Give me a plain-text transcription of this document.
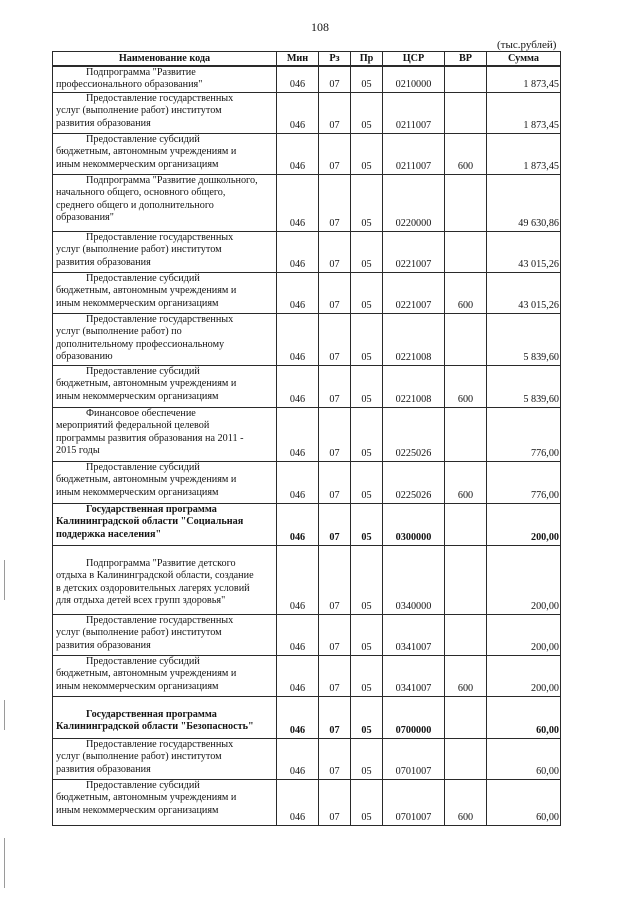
108
(тыс.рублей)
Наименование кода	Мин	Рз	Пр	ЦСР	ВР	Сумма

Подпрограмма "Развитие
профессионального образования"	046	07	05	0210000		1 873,45

Предоставление государственных
услуг (выполнение работ) институтом
развития образования	046	07	05	0211007		1 873,45

Предоставление субсидий
бюджетным, автономным учреждениям и
иным некоммерческим организациям	046	07	05	0211007	600	1 873,45

Подпрограмма "Развитие дошкольного,
начального общего, основного общего,
среднего общего и дополнительного
образования"	046	07	05	0220000		49 630,86

Предоставление государственных
услуг (выполнение работ) институтом
развития образования	046	07	05	0221007		43 015,26

Предоставление субсидий
бюджетным, автономным учреждениям и
иным некоммерческим организациям	046	07	05	0221007	600	43 015,26

Предоставление государственных
услуг (выполнение работ) по
дополнительному профессиональному
образованию	046	07	05	0221008		5 839,60

Предоставление субсидий
бюджетным, автономным учреждениям и
иным некоммерческим организациям	046	07	05	0221008	600	5 839,60

Финансовое обеспечение
мероприятий федеральной целевой
программы развития образования на 2011 -
2015 годы	046	07	05	0225026		776,00

Предоставление субсидий
бюджетным, автономным учреждениям и
иным некоммерческим организациям	046	07	05	0225026	600	776,00

Государственная программа
Калининградской области "Социальная
поддержка населения"	046	07	05	0300000		200,00

Подпрограмма "Развитие детского
отдыха в Калининградской области, создание
в детских оздоровительных лагерях условий
для отдыха детей всех групп здоровья"	046	07	05	0340000		200,00

Предоставление государственных
услуг (выполнение работ) институтом
развития образования	046	07	05	0341007		200,00

Предоставление субсидий
бюджетным, автономным учреждениям и
иным некоммерческим организациям	046	07	05	0341007	600	200,00

Государственная программа
Калининградской области "Безопасность"	046	07	05	0700000		60,00

Предоставление государственных
услуг (выполнение работ) институтом
развития образования	046	07	05	0701007		60,00

Предоставление субсидий
бюджетным, автономным учреждениям и
иным некоммерческим организациям	046	07	05	0701007	600	60,00
